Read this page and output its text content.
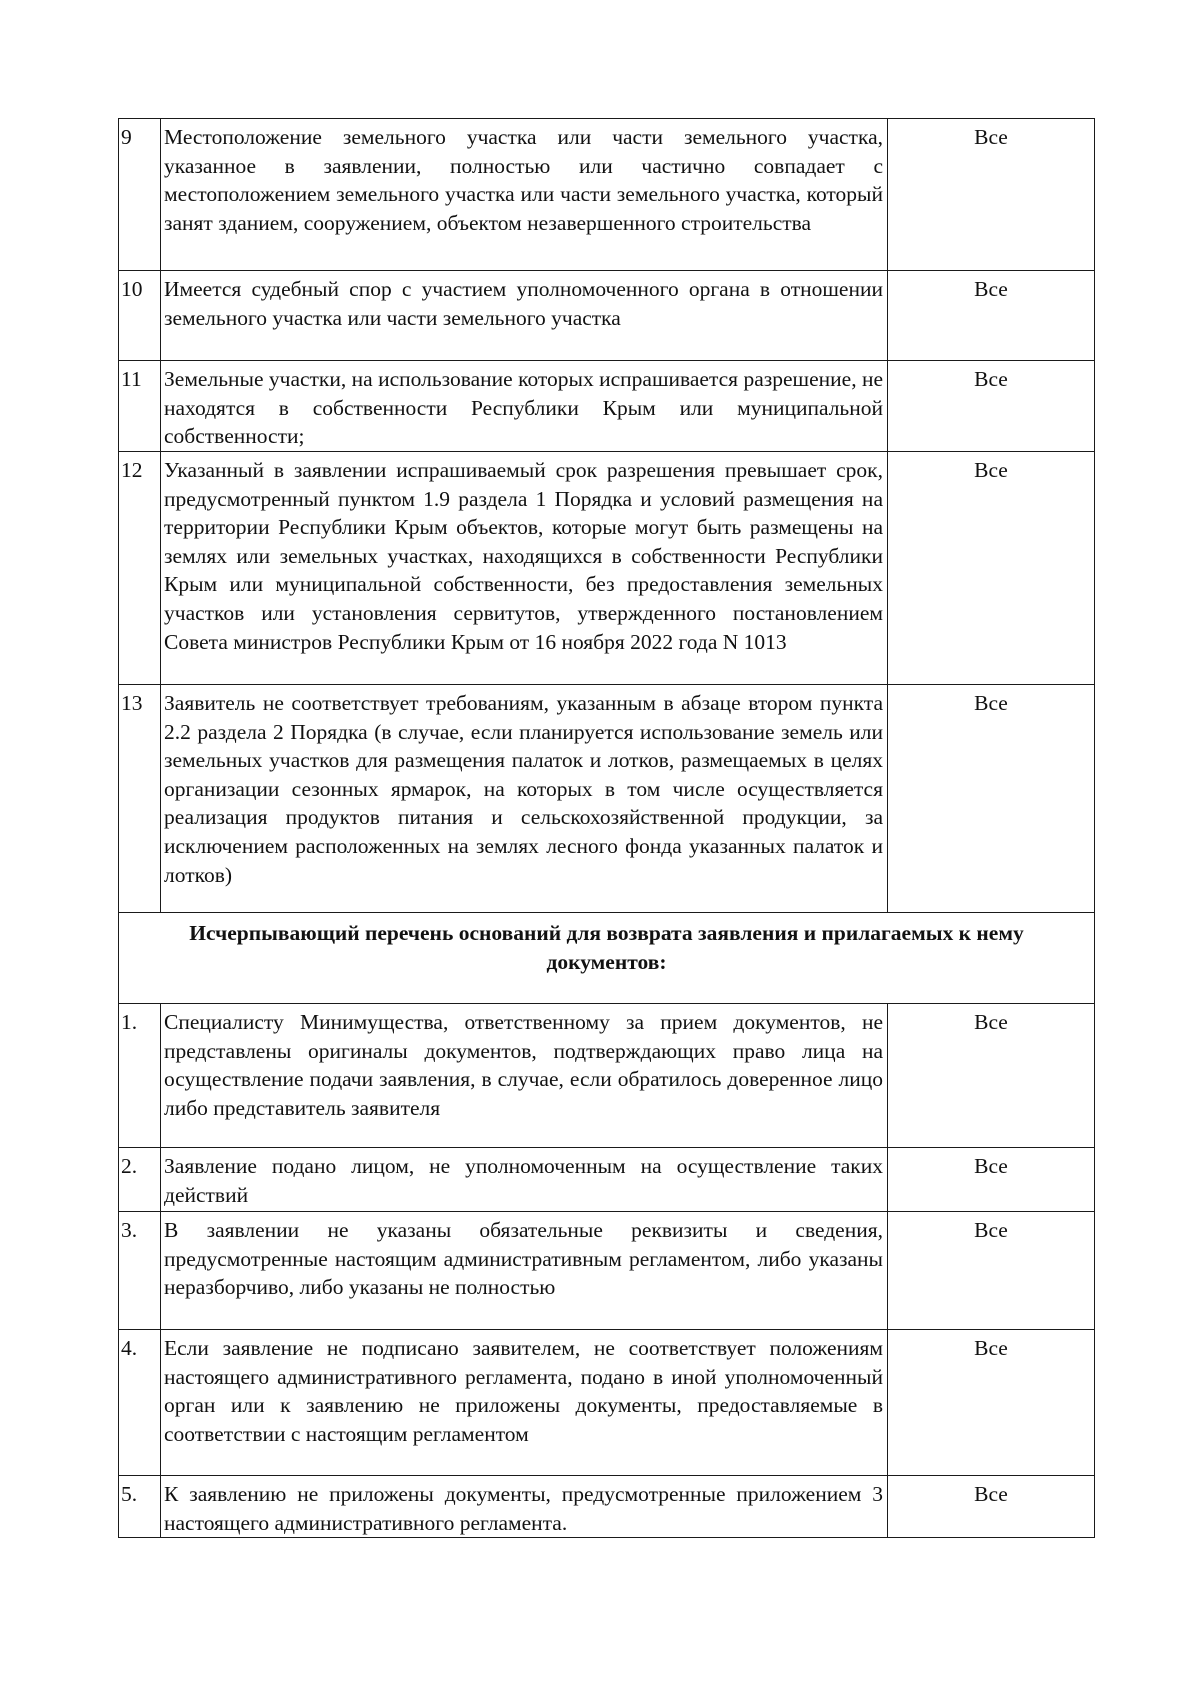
9	Местоположение земельного участка или части земельного участка, указанное в заявлении, полностью или частично совпадает с местоположением земельного участка или части земельного участка, который занят зданием, сооружением, объектом незавершенного строительства	Все
10	Имеется судебный спор с участием уполномоченного органа в отношении земельного участка или части земельного участка	Все
11	Земельные участки, на использование которых испрашивается разрешение, не находятся в собственности Республики Крым или муниципальной собственности;	Все
12	Указанный в заявлении испрашиваемый срок разрешения превышает срок, предусмотренный пунктом 1.9 раздела 1 Порядка и условий размещения на территории Республики Крым объектов, которые могут быть размещены на землях или земельных участках, находящихся в собственности Республики Крым или муниципальной собственности, без предоставления земельных участков или установления сервитутов, утвержденного постановлением Совета министров Республики Крым от 16 ноября 2022 года N 1013	Все
13	Заявитель не соответствует требованиям, указанным в абзаце втором пункта 2.2 раздела 2 Порядка (в случае, если планируется использование земель или земельных участков для размещения палаток и лотков, размещаемых в целях организации сезонных ярмарок, на которых в том числе осуществляется реализация продуктов питания и сельскохозяйственной продукции, за исключением расположенных на землях лесного фонда указанных палаток и лотков)	Все
Исчерпывающий перечень оснований для возврата заявления и прилагаемых к нему документов:		
1.	Специалисту Минимущества, ответственному за прием документов, не представлены оригиналы документов, подтверждающих право лица на осуществление подачи заявления, в случае, если обратилось доверенное лицо либо представитель заявителя	Все
2.	Заявление подано лицом, не уполномоченным на осуществление таких действий	Все
3.	В заявлении не указаны обязательные реквизиты и сведения, предусмотренные настоящим административным регламентом, либо указаны неразборчиво, либо указаны не полностью	Все
4.	Если заявление не подписано заявителем, не соответствует положениям настоящего административного регламента, подано в иной уполномоченный орган или к заявлению не приложены документы, предоставляемые в соответствии с настоящим регламентом	Все
5.	К заявлению не приложены документы, предусмотренные приложением 3 настоящего административного регламента.	Все
